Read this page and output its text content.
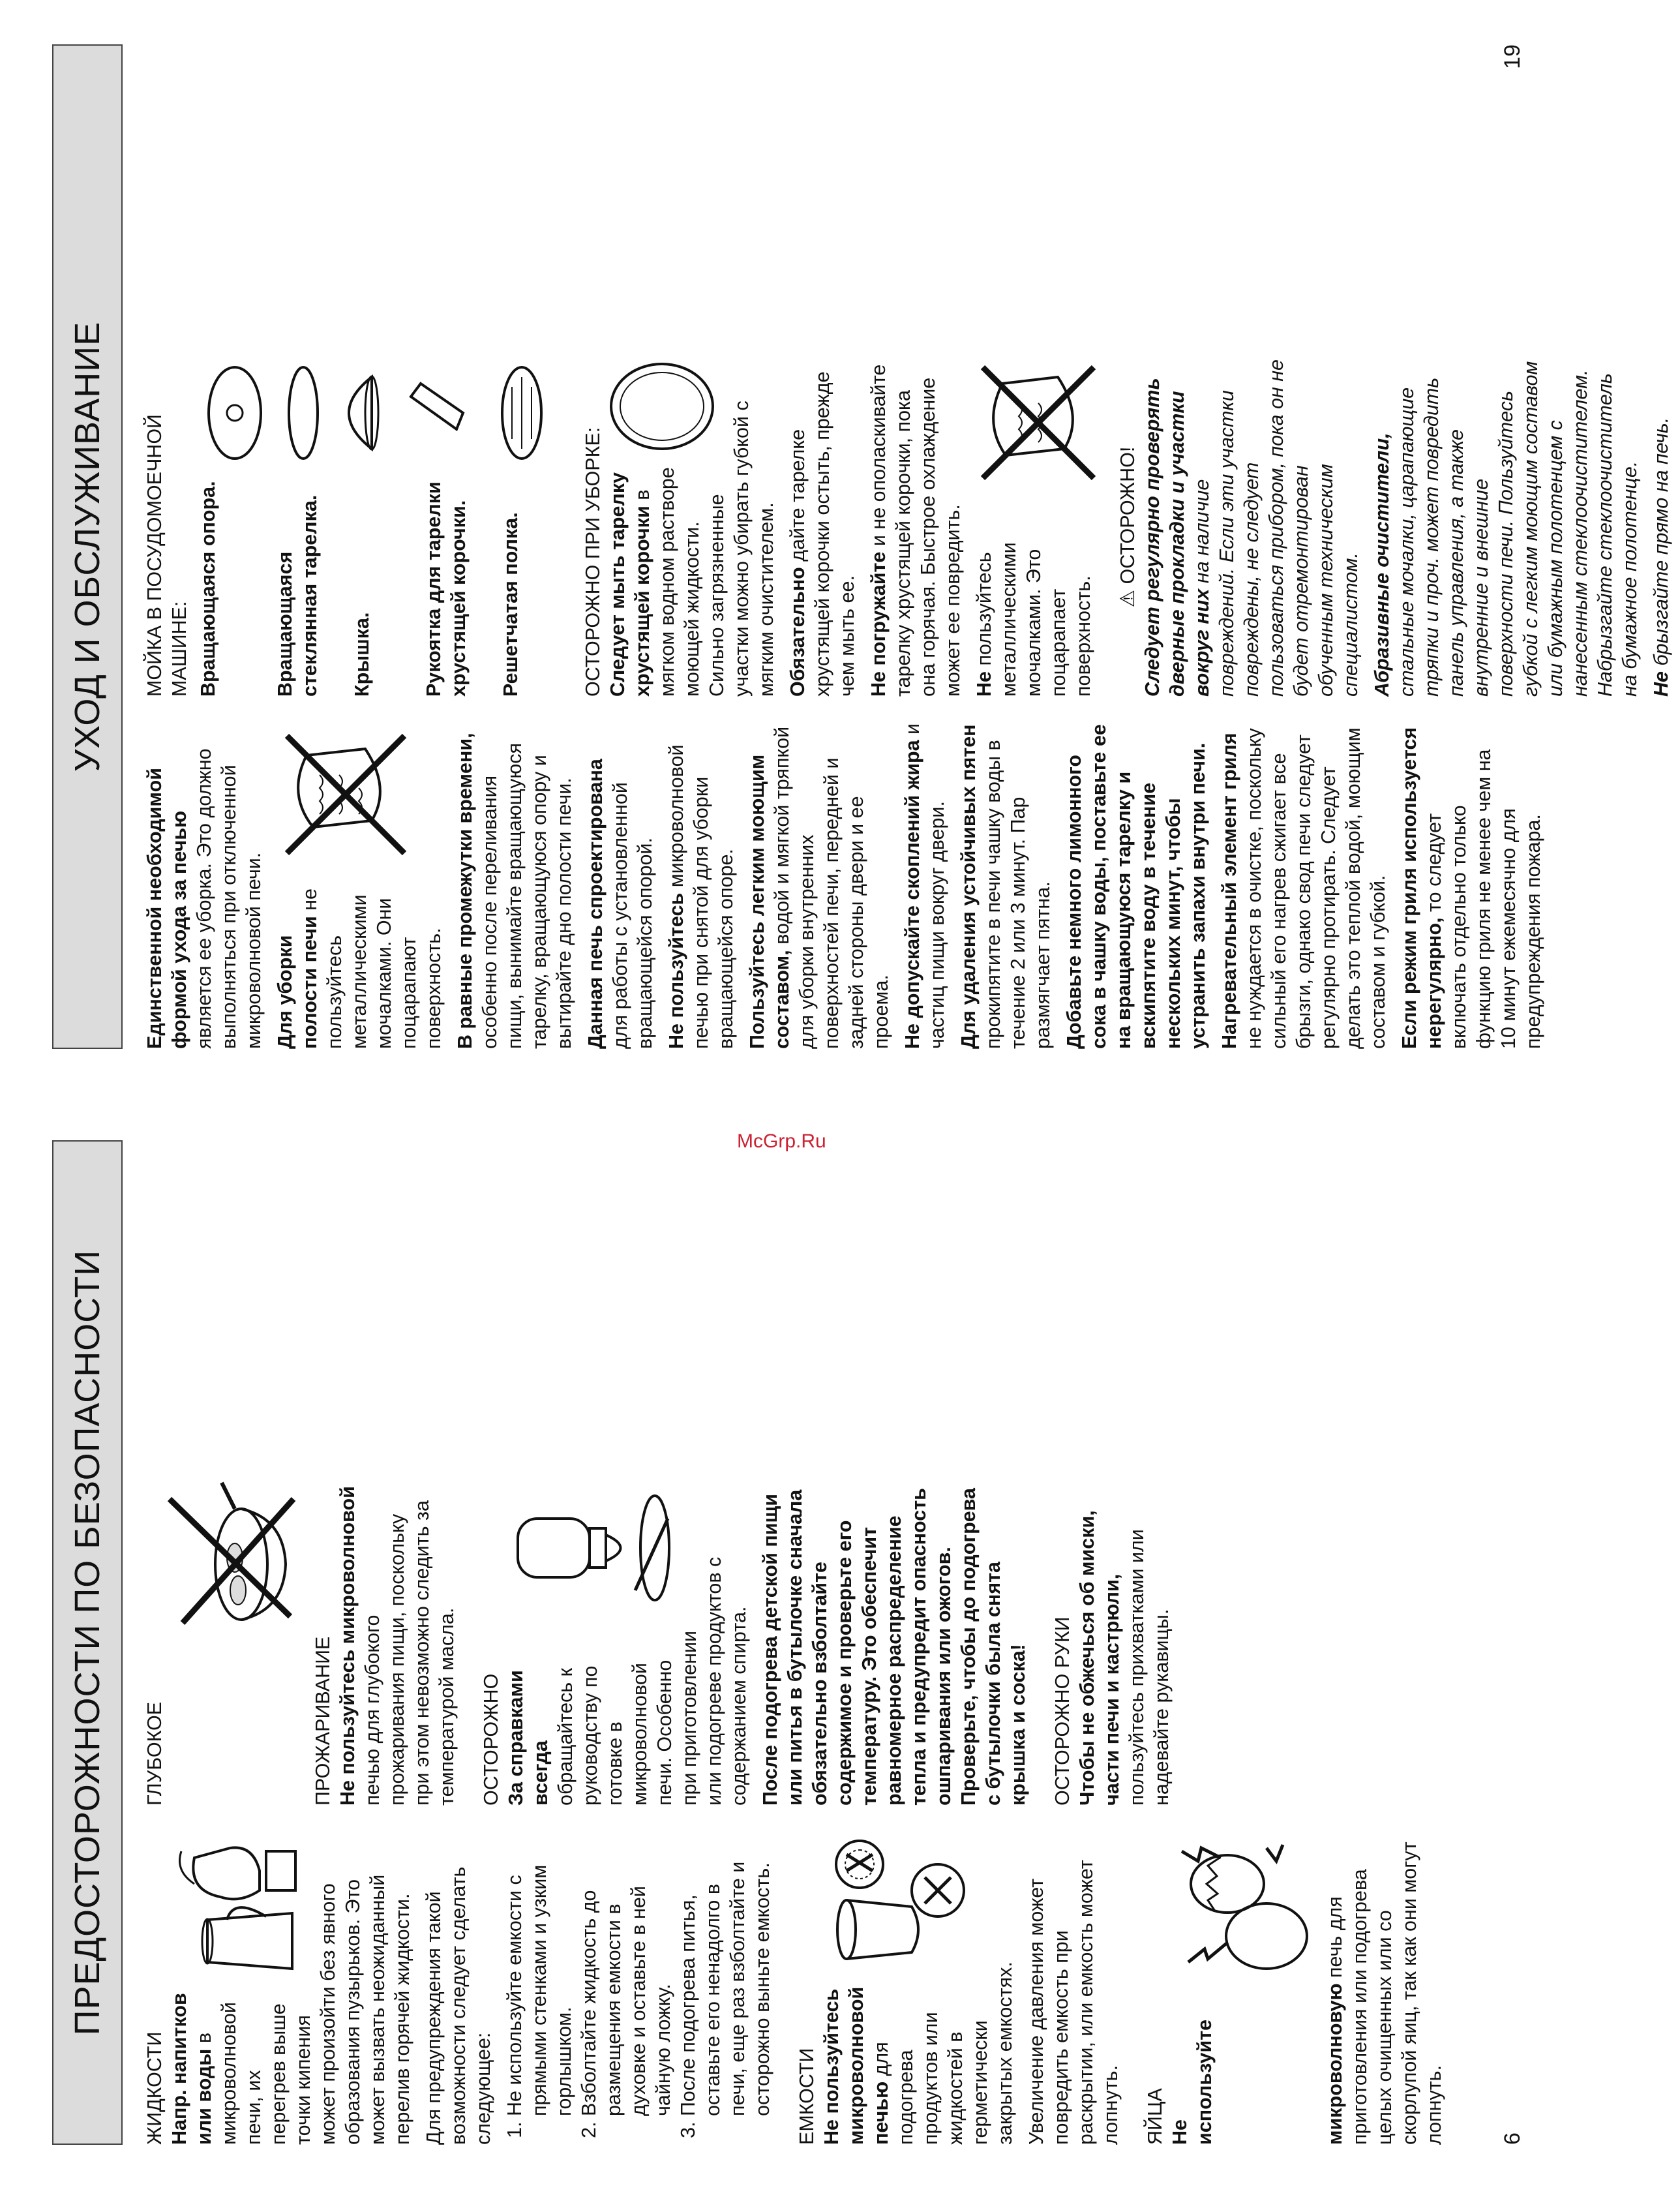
ПРЕДОСТОРОЖНОСТИ ПО БЕЗОПАСНОСТИ
ЖИДКОСТИ Напр. напитков или воды в микроволновой печи, их перегрев выше точки кипения может произойти без явного образования пузырьков. Это может вызвать неожиданный перелив горячей жидкости. Для предупреждения такой возможности следует сделать следующее: 1. Не используйте емкости с прямыми стенками и узким горлышком. 2. Взболтайте жидкость до размещения емкости в духовке и оставьте в ней чайную ложку. 3. После подогрева питья, оставьте его ненадолго в печи, еще раз взболтайте и осторожно выньте емкость. ЕМКОСТИ Не пользуйтесь микроволновой печью для подогрева продуктов или жидкостей в герметически закрытых емкостях. Увеличение давления может повредить емкость при раскрытии, или емкость может лопнуть. ЯЙЦА Не используйте микроволновую печь для приготовления или подогрева целых очищенных или со скорлупой яиц, так как они могут лопнуть.

ГЛУБОКОЕ ПРОЖАРИВАНИЕ Не пользуйтесь микроволновой печью для глубокого прожаривания пищи, поскольку при этом невозможно следить за температурой масла. ОСТОРОЖНО За справками всегда обращайтесь к руководству по готовке в микроволновой печи. Особенно при приготовлении или подогреве продуктов с содержанием спирта. После подогрева детской пищи или питья в бутылочке сначала обязательно взболтайте содержимое и проверьте его температуру. Это обеспечит равномерное распределение тепла и предупредит опасность ошпаривания или ожогов. Проверьте, чтобы до подогрева с бутылочки была снята крышка и соска! ОСТОРОЖНО РУКИ Чтобы не обжечься об миски, части печи и кастрюли, пользуйтесь прихватками или надевайте рукавицы.

6
УХОД И ОБСЛУЖИВАНИЕ

Единственной необходимой формой ухода за печью является ее уборка. Это должно выполняться при отключенной микроволновой печи. Для уборки полости печи не пользуйтесь металлическими мочалками. Они поцарапают поверхность. В равные промежутки времени, особенно после переливания пищи, вынимайте вращающуюся тарелку, вращающуюся опору и вытирайте дно полости печи. Данная печь спроектирована для работы с установленной вращающейся опорой. Не пользуйтесь микроволновой печью при снятой для уборки вращающейся опоре. Пользуйтесь легким моющим составом, водой и мягкой тряпкой для уборки внутренних поверхностей печи, передней и задней стороны двери и ее проема. Не допускайте скоплений жира и частиц пищи вокруг двери. Для удаления устойчивых пятен прокипятите в печи чашку воды в течение 2 или 3 минут. Пар размягчает пятна. Добавьте немного лимонного сока в чашку воды, поставьте ее на вращающуюся тарелку и вскипятите воду в течение нескольких минут, чтобы устранить запахи внутри печи. Нагревательный элемент гриля не нуждается в очистке, поскольку сильный его нагрев сжигает все брызги, однако свод печи следует регулярно протирать. Следует делать это теплой водой, моющим составом и губкой. Если режим гриля используется нерегулярно, то следует включать отдельно только функцию гриля не менее чем на 10 минут ежемесячно для предупреждения пожара.

МОЙКА В ПОСУДОМОЕЧНОЙ МАШИНЕ: Вращающаяся опора.	Вращающаяся стеклянная тарелка.	Крышка.	Рукоятка для тарелки хрустящей корочки.	Решетчатая полка.	ОСТОРОЖНО ПРИ УБОРКЕ: Следует мыть тарелку хрустящей корочки в мягком водном растворе моющей жидкости. Сильно загрязненные участки можно убирать губкой с мягким очистителем. Обязательно дайте тарелке хрустящей корочки остыть, прежде чем мыть ее. Не погружайте и не ополаскивайте тарелку хрустящей корочки, пока она горячая. Быстрое охлаждение может ее повредить. Не пользуйтесь металлическими мочалками. Это поцарапает поверхность. ⚠ ОСТОРОЖНО! Следует регулярно проверять дверные прокладки и участки вокруг них на наличие повреждений. Если эти участки повреждены, не следует пользоваться прибором, пока он не будет отремонтирован обученным техническим специалистом. Абразивные очистители, стальные мочалки, царапающие тряпки и проч. может повредить панель управления, а также внутренние и внешние поверхности печи. Пользуйтесь губкой с легким моющим составом или бумажным полотенцем с нанесенным стеклоочистителем. Набрызгайте стеклоочиститель на бумажное полотенце. Не брызгайте прямо на печь.

19
McGrp.Ru
